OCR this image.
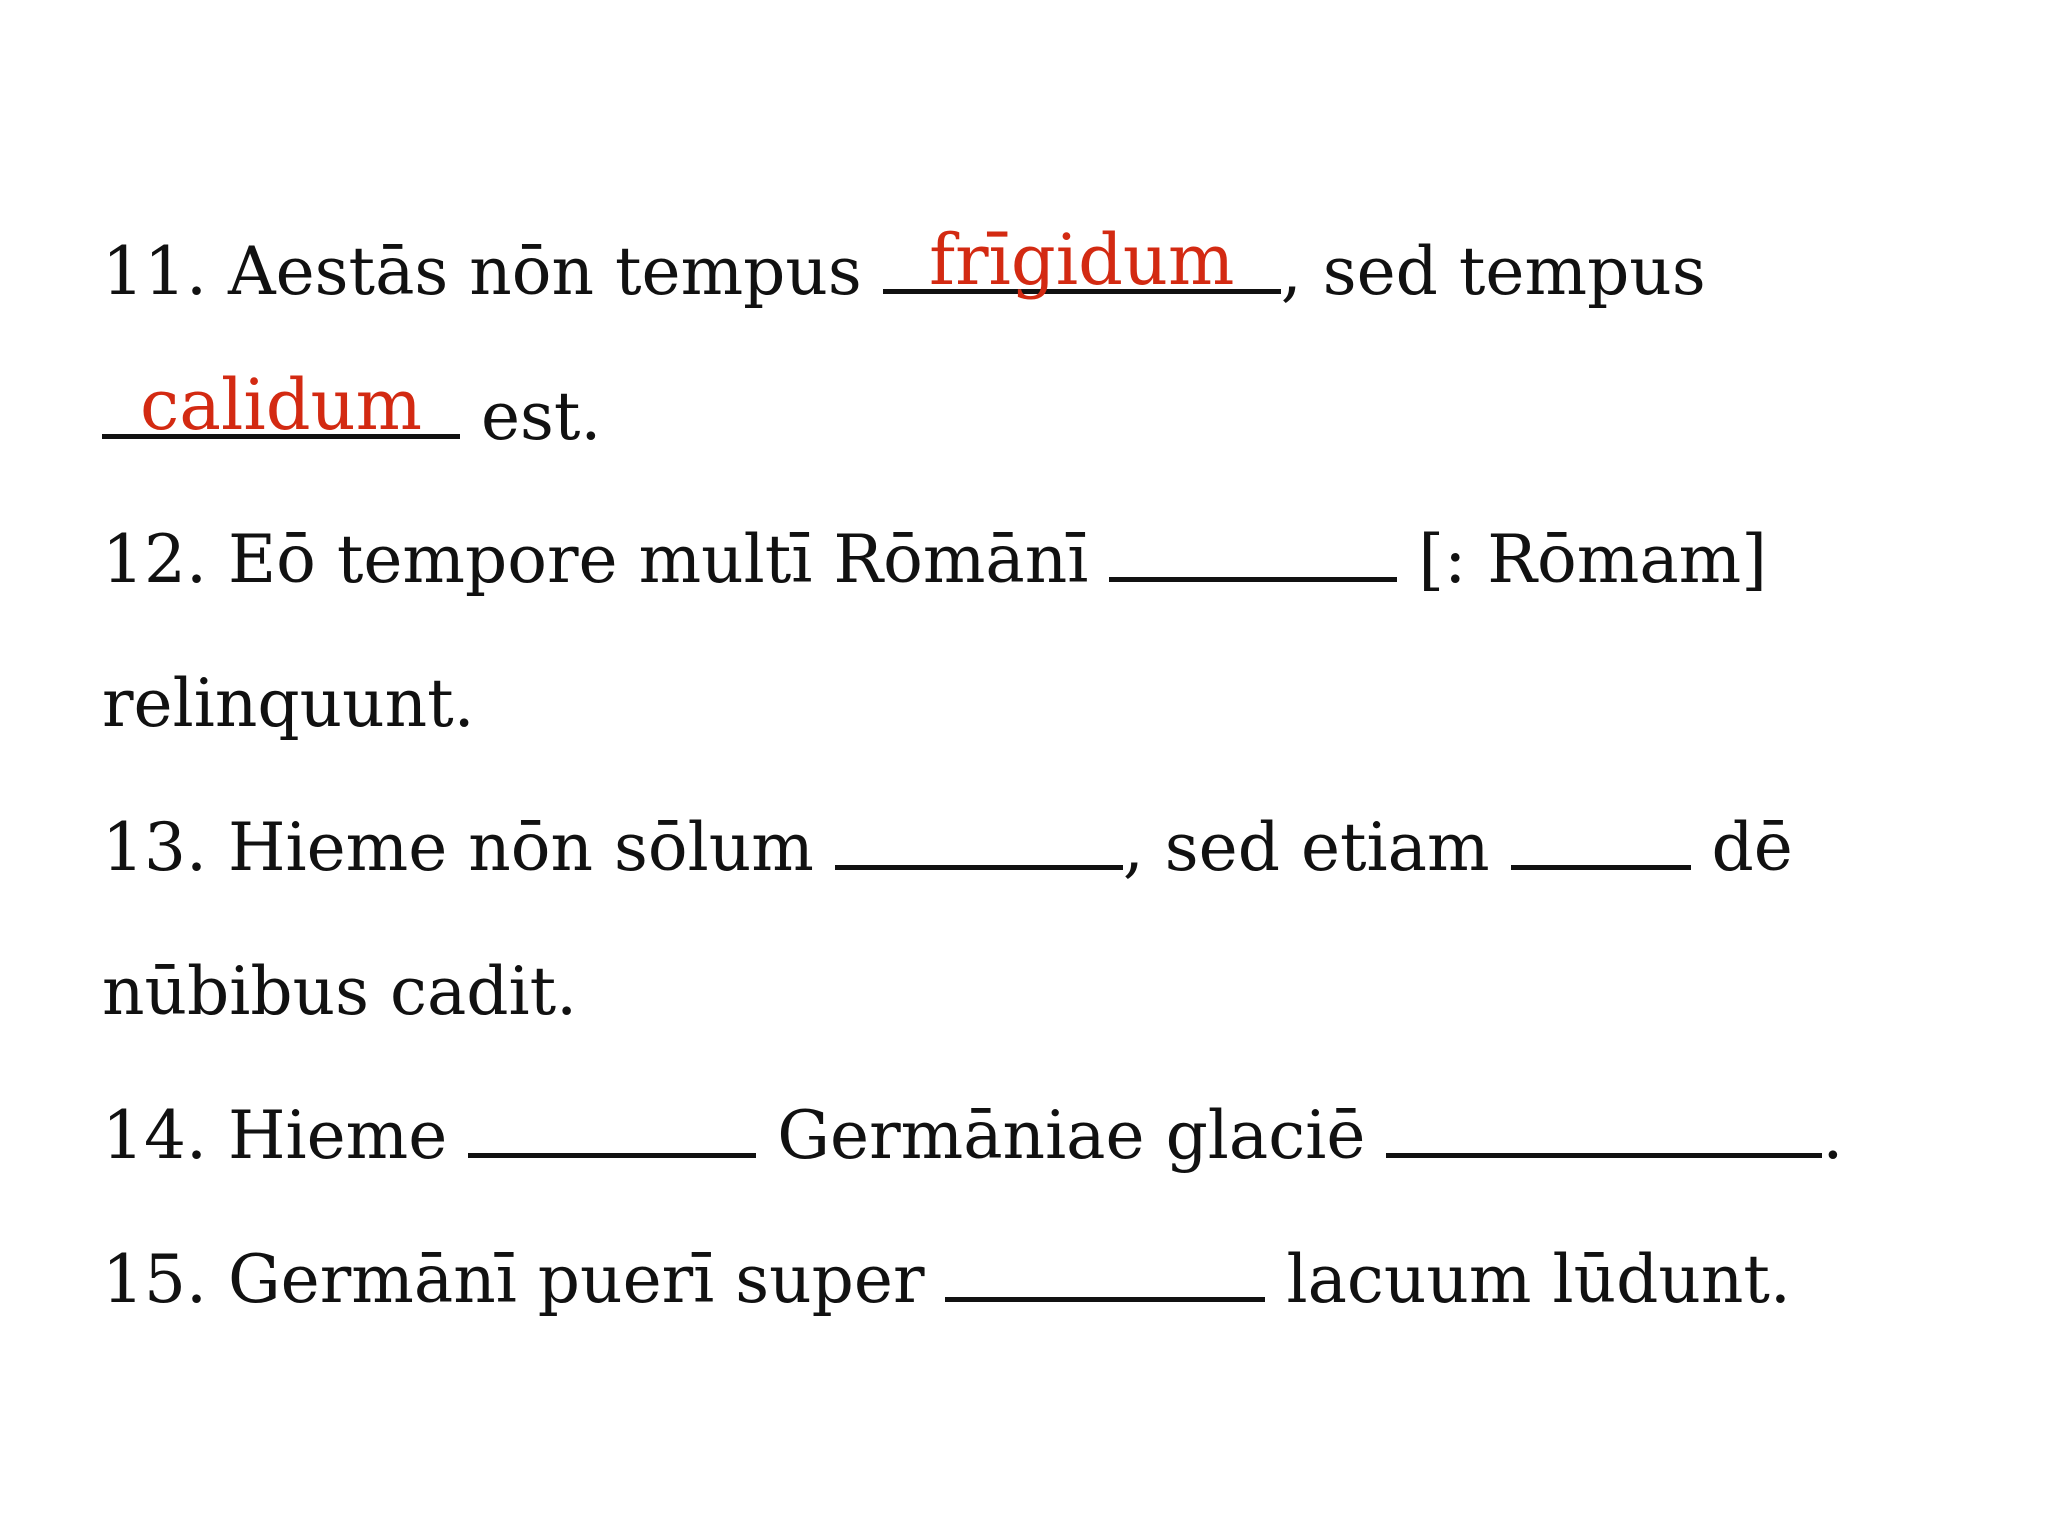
11. Aestās nōn tempus frīgidum , sed tempus
calidum est.
12. Eō tempore multī Rōmānī	[: Rōmam]
relinquunt.
13. Hieme nōn sōlum	, sed etiam	dē
nūbibus cadit.
14. Hieme	Germāniae glaciē	.
15. Germānī puerī super	lacuum lūdunt.
